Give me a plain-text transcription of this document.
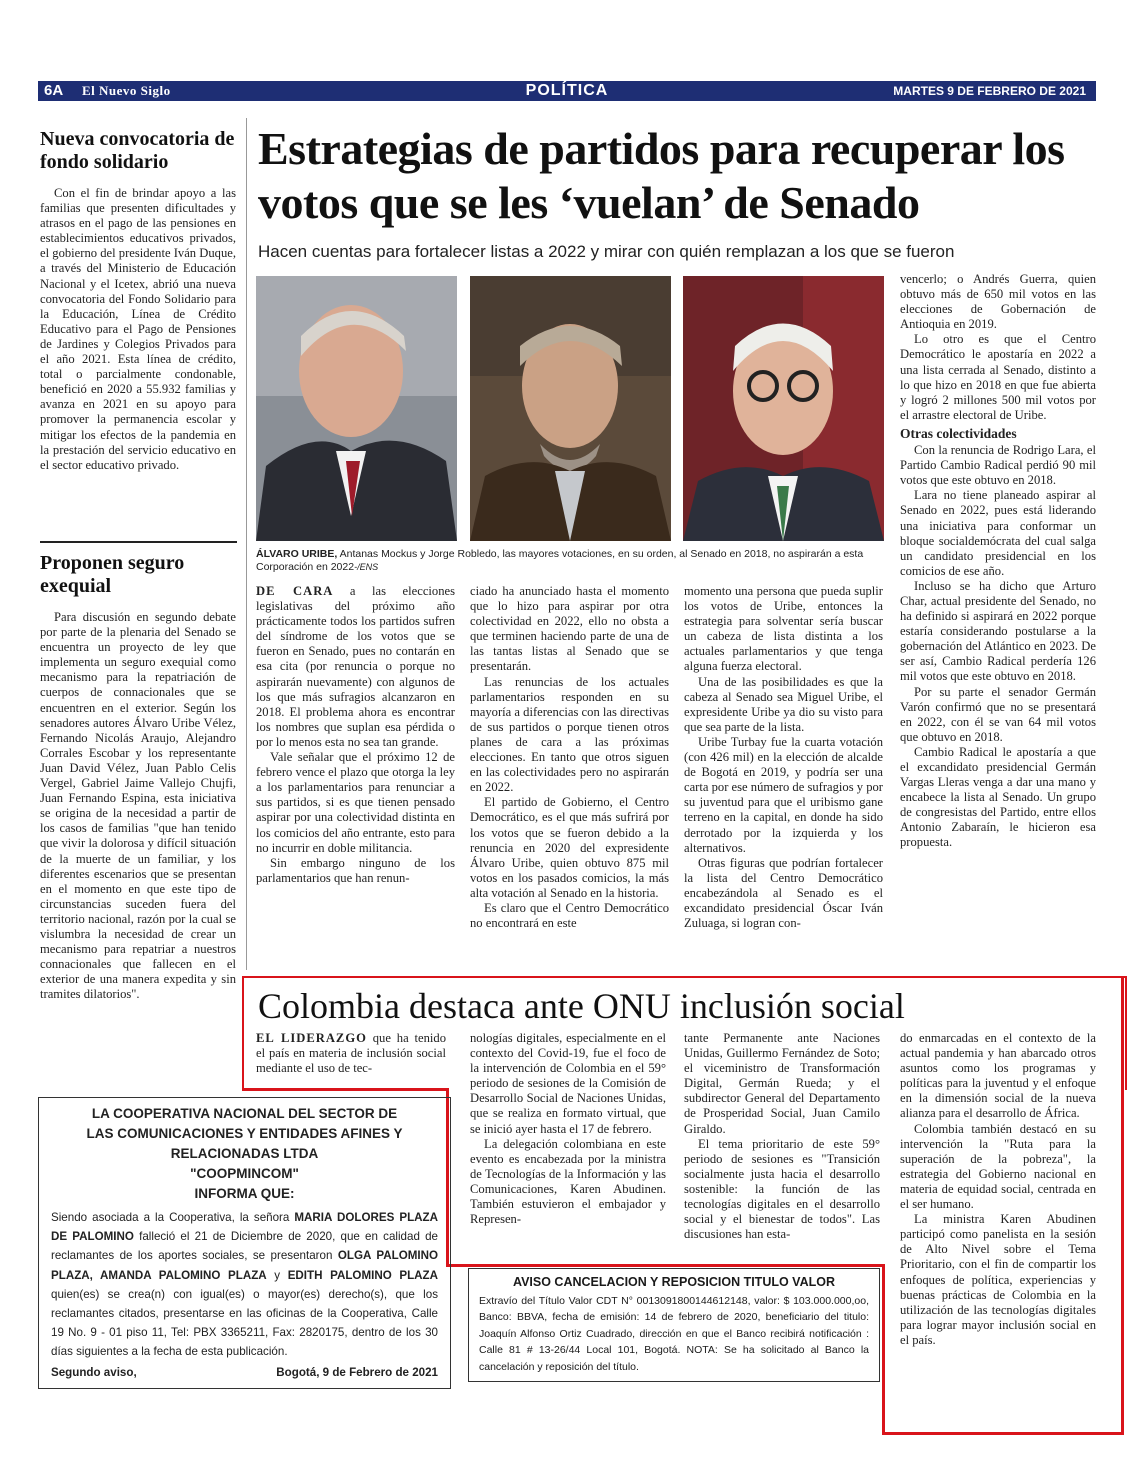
6A El Nuevo Siglo	POLÍTICA	MARTES 9 DE FEBRERO DE 2021
Nueva convocatoria de fondo solidario

Con el fin de brindar apoyo a las familias que presenten dificultades y atrasos en el pago de las pensiones en establecimientos educativos privados, el gobierno del presidente Iván Duque, a través del Ministerio de Educación Nacional y el Icetex, abrió una nueva convocatoria del Fondo Solidario para la Educación, Línea de Crédito Educativo para el Pago de Pensiones de Jardines y Colegios Privados para el año 2021. Esta línea de crédito, total o parcialmente condonable, benefició en 2020 a 55.932 familias y avanza en 2021 en su apoyo para promover la permanencia escolar y mitigar los efectos de la pandemia en la prestación del servicio educativo en el sector educativo privado.

Proponen seguro exequial

Para discusión en segundo debate por parte de la plenaria del Senado se encuentra un proyecto de ley que implementa un seguro exequial como mecanismo para la repatriación de cuerpos de connacionales que se encuentren en el exterior. Según los senadores autores Álvaro Uribe Vélez, Fernando Nicolás Araujo, Alejandro Corrales Escobar y los representante Juan David Vélez, Juan Pablo Celis Vergel, Gabriel Jaime Vallejo Chujfi, Juan Fernando Espina, esta iniciativa se origina de la necesidad a partir de los casos de familias "que han tenido que vivir la dolorosa y difícil situación de la muerte de un familiar, y los diferentes escenarios que se presentan en el momento en que este tipo de circunstancias suceden fuera del territorio nacional, razón por la cual se vislumbra la necesidad de crear un mecanismo para repatriar a nuestros connacionales que fallecen en el exterior de una manera expedita y sin tramites dilatorios".

Estrategias de partidos para recuperar los votos que se les ‘vuelan’ de Senado
Hacen cuentas para fortalecer listas a 2022 y mirar con quién remplazan a los que se fueron
ÁLVARO URIBE, Antanas Mockus y Jorge Robledo, las mayores votaciones, en su orden, al Senado en 2018, no aspirarán a esta Corporación en 2022-/ENS

DE CARA a las elecciones legislativas del próximo año prácticamente todos los partidos sufren del síndrome de los votos que se fueron en Senado, pues no contarán en esa cita (por renuncia o porque no aspirarán nuevamente) con algunos de los que más sufragios alcanzaron en 2018. El problema ahora es encontrar los nombres que suplan esa pérdida o por lo menos esta no sea tan grande.

Vale señalar que el próximo 12 de febrero vence el plazo que otorga la ley a los parlamentarios para renunciar a sus partidos, si es que tienen pensado aspirar por una colectividad distinta en los comicios del año entrante, esto para no incurrir en doble militancia.

Sin embargo ninguno de los parlamentarios que han renun-

ciado ha anunciado hasta el momento que lo hizo para aspirar por otra colectividad en 2022, ello no obsta a que terminen haciendo parte de una de las tantas listas al Senado que se presentarán.

Las renuncias de los actuales parlamentarios responden en su mayoría a diferencias con las directivas de sus partidos o porque tienen otros planes de cara a las próximas elecciones. En tanto que otros siguen en las colectividades pero no aspirarán en 2022.

El partido de Gobierno, el Centro Democrático, es el que más sufrirá por los votos que se fueron debido a la renuncia en 2020 del expresidente Álvaro Uribe, quien obtuvo 875 mil votos en los pasados comicios, la más alta votación al Senado en la historia.

Es claro que el Centro Democrático no encontrará en este

momento una persona que pueda suplir los votos de Uribe, entonces la estrategia para solventar sería buscar un cabeza de lista distinta a los actuales parlamentarios y que tenga alguna fuerza electoral.

Una de las posibilidades es que la cabeza al Senado sea Miguel Uribe, el expresidente Uribe ya dio su visto para que sea parte de la lista.

Uribe Turbay fue la cuarta votación (con 426 mil) en la elección de alcalde de Bogotá en 2019, y podría ser una carta por ese número de sufragios y por su juventud para que el uribismo gane terreno en la capital, en donde ha sido derrotado por la izquierda y los alternativos.

Otras figuras que podrían fortalecer la lista del Centro Democrático encabezándola al Senado es el excandidato presidencial Óscar Iván Zuluaga, si logran con-

vencerlo; o Andrés Guerra, quien obtuvo más de 650 mil votos en las elecciones de Gobernación de Antioquia en 2019.

Lo otro es que el Centro Democrático le apostaría en 2022 a una lista cerrada al Senado, distinto a lo que hizo en 2018 en que fue abierta y logró 2 millones 500 mil votos por el arrastre electoral de Uribe.

Otras colectividades

Con la renuncia de Rodrigo Lara, el Partido Cambio Radical perdió 90 mil votos que este obtuvo en 2018.

Lara no tiene planeado aspirar al Senado en 2022, pues está liderando una iniciativa para conformar un bloque socialdemócrata del cual salga un candidato presidencial en los comicios de ese año.

Incluso se ha dicho que Arturo Char, actual presidente del Senado, no ha definido si aspirará en 2022 porque estaría considerando postularse a la gobernación del Atlántico en 2023. De ser así, Cambio Radical perdería 126 mil votos que este obtuvo en 2018.

Por su parte el senador Germán Varón confirmó que no se presentará en 2022, con él se van 64 mil votos que obtuvo en 2018.

Cambio Radical le apostaría a que el excandidato presidencial Germán Vargas Lleras venga a dar una mano y encabece la lista al Senado. Un grupo de congresistas del Partido, entre ellos Antonio Zabaraín, le hicieron esa propuesta.

Colombia destaca ante ONU inclusión social

EL LIDERAZGO que ha tenido el país en materia de inclusión social mediante el uso de tec-

nologías digitales, especialmente en el contexto del Covid-19, fue el foco de la intervención de Colombia en el 59° periodo de sesiones de la Comisión de Desarrollo Social de Naciones Unidas, que se realiza en formato virtual, que se inició ayer hasta el 17 de febrero.

La delegación colombiana en este evento es encabezada por la ministra de Tecnologías de la Información y las Comunicaciones, Karen Abudinen. También estuvieron el embajador y Represen-

tante Permanente ante Naciones Unidas, Guillermo Fernández de Soto; el viceministro de Transformación Digital, Germán Rueda; y el subdirector General del Departamento de Prosperidad Social, Juan Camilo Giraldo.

El tema prioritario de este 59° periodo de sesiones es "Transición socialmente justa hacia el desarrollo sostenible: la función de las tecnologías digitales en el desarrollo social y el bienestar de todos". Las discusiones han esta-

do enmarcadas en el contexto de la actual pandemia y han abarcado otros asuntos como los programas y políticas para la juventud y el enfoque en la dimensión social de la nueva alianza para el desarrollo de África.

Colombia también destacó en su intervención la "Ruta para la superación de la pobreza", la estrategia del Gobierno nacional en materia de equidad social, centrada en el ser humano.

La ministra Karen Abudinen participó como panelista en la sesión de Alto Nivel sobre el Tema Prioritario, con el fin de compartir los enfoques de política, experiencias y buenas prácticas de Colombia en la utilización de las tecnologías digitales para lograr mayor inclusión social en el país.

LA COOPERATIVA NACIONAL DEL SECTOR DE
LAS COMUNICACIONES Y ENTIDADES AFINES Y
RELACIONADAS LTDA
"COOPMINCOM"
INFORMA QUE:
Siendo asociada a la Cooperativa, la señora MARIA DOLORES PLAZA DE PALOMINO falleció el 21 de Diciembre de 2020, que en calidad de reclamantes de los aportes sociales, se presentaron OLGA PALOMINO PLAZA, AMANDA PALOMINO PLAZA y EDITH PALOMINO PLAZA quien(es) se crea(n) con igual(es) o mayor(es) derecho(s), que los reclamantes citados, presentarse en las oficinas de la Cooperativa, Calle 19 No. 9 - 01 piso 11, Tel: PBX 3365211, Fax: 2820175, dentro de los 30 días siguientes a la fecha de esta publicación.
Segundo aviso,	Bogotá, 9 de Febrero de 2021
AVISO CANCELACION Y REPOSICION TITULO VALOR
Extravío del Título Valor CDT N° 0013091800144612148, valor: $ 103.000.000,oo, Banco: BBVA, fecha de emisión: 14 de febrero de 2020, beneficiario del titulo: Joaquín Alfonso Ortiz Cuadrado, dirección en que el Banco recibirá notificación : Calle 81 # 13-26/44 Local 101, Bogotá. NOTA: Se ha solicitado al Banco la cancelación y reposición del título.
